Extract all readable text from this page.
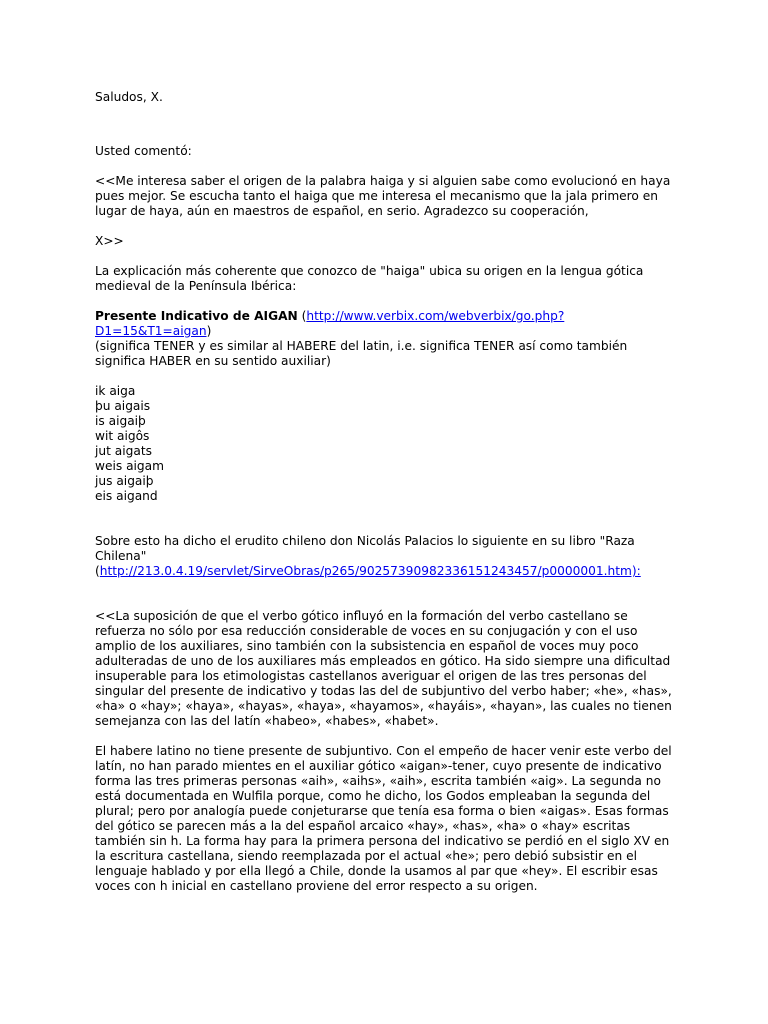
Saludos, X.

Usted comentó:

<<Me interesa saber el origen de la palabra haiga y si alguien sabe como evolucionó en haya pues mejor. Se escucha tanto el haiga que me interesa el mecanismo que la jala primero en lugar de haya, aún en maestros de español, en serio. Agradezco su cooperación,

X>>

La explicación más coherente que conozco de "haiga" ubica su origen en la lengua gótica medieval de la Península Ibérica:

Presente Indicativo de AIGAN (http://www.verbix.com/webverbix/go.php?D1=15&T1=aigan)

(significa TENER y es similar al HABERE del latin, i.e. significa TENER así como también significa HABER en su sentido auxiliar)

ik aiga
þu aigais
is aigaiþ
wit aigôs
jut aigats
weis aigam
jus aigaiþ
eis aigand

Sobre esto ha dicho el erudito chileno don Nicolás Palacios lo siguiente en su libro "Raza Chilena" (http://213.0.4.19/servlet/SirveObras/p265/90257390982336151243457/p0000001.htm):

<<La suposición de que el verbo gótico influyó en la formación del verbo castellano se refuerza no sólo por esa reducción considerable de voces en su conjugación y con el uso amplio de los auxiliares, sino también con la subsistencia en español de voces muy poco adulteradas de uno de los auxiliares más empleados en gótico. Ha sido siempre una dificultad insuperable para los etimologistas castellanos averiguar el origen de las tres personas del singular del presente de indicativo y todas las del de subjuntivo del verbo haber; «he», «has», «ha» o «hay»; «haya», «hayas», «haya», «hayamos», «hayáis», «hayan», las cuales no tienen semejanza con las del latín «habeo», «habes», «habet».

El habere latino no tiene presente de subjuntivo. Con el empeño de hacer venir este verbo del latín, no han parado mientes en el auxiliar gótico «aigan»-tener, cuyo presente de indicativo forma las tres primeras personas «aih», «aihs», «aih», escrita también «aig». La segunda no está documentada en Wulfila porque, como he dicho, los Godos empleaban la segunda del plural; pero por analogía puede conjeturarse que tenía esa forma o bien «aigas». Esas formas del gótico se parecen más a la del español arcaico «hay», «has», «ha» o «hay» escritas también sin h. La forma hay para la primera persona del indicativo se perdió en el siglo XV en la escritura castellana, siendo reemplazada por el actual «he»; pero debió subsistir en el lenguaje hablado y por ella llegó a Chile, donde la usamos al par que «hey». El escribir esas voces con h inicial en castellano proviene del error respecto a su origen.
